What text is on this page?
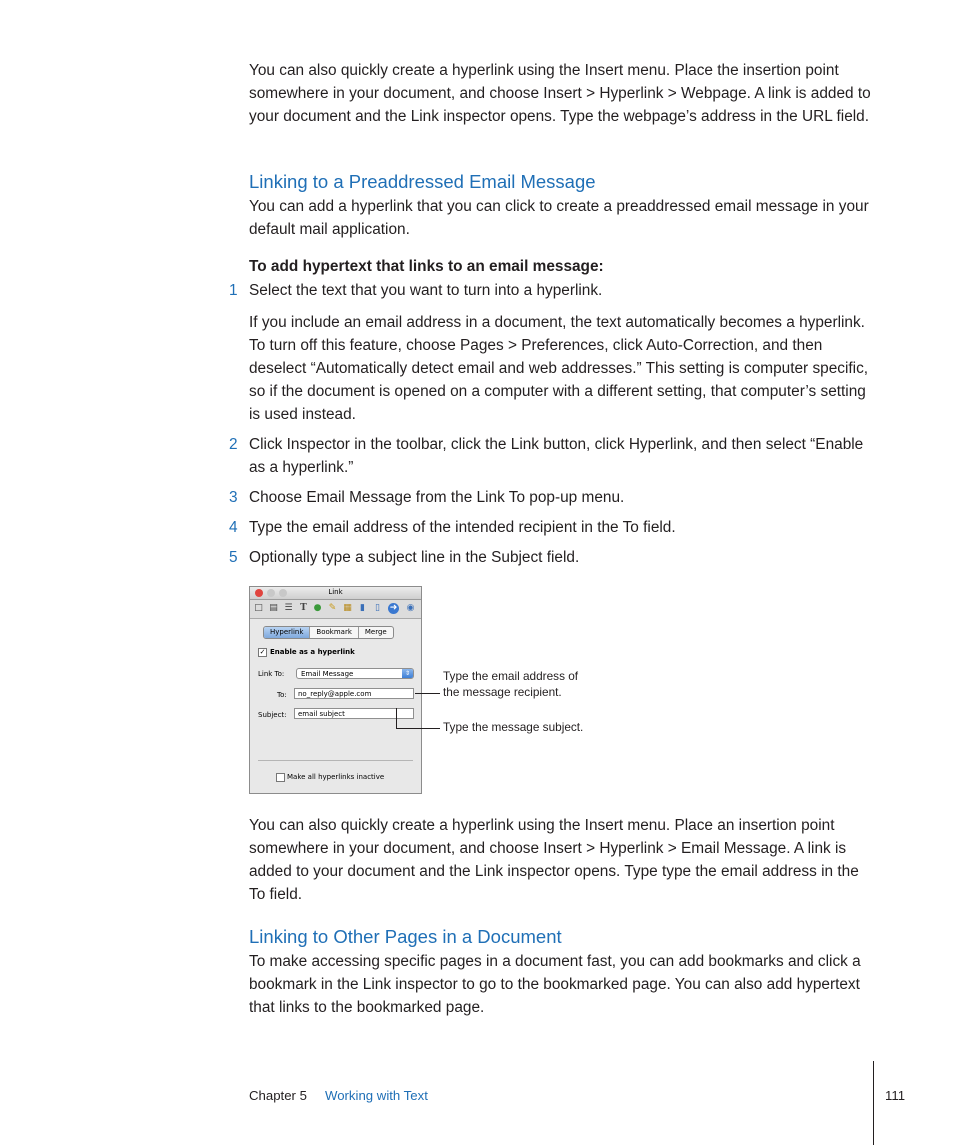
You can also quickly create a hyperlink using the Insert menu. Place the insertion point somewhere in your document, and choose Insert > Hyperlink > Webpage. A link is added to your document and the Link inspector opens. Type the webpage’s address in the URL field.

Linking to a Preaddressed Email Message

You can add a hyperlink that you can click to create a preaddressed email message in your default mail application.

To add hypertext that links to an email message:

1 Select the text that you want to turn into a hyperlink.

If you include an email address in a document, the text automatically becomes a hyperlink. To turn off this feature, choose Pages > Preferences, click Auto-Correction, and then deselect “Automatically detect email and web addresses.” This setting is computer specific, so if the document is opened on a computer with a different setting, that computer’s setting is used instead.

2 Click Inspector in the toolbar, click the Link button, click Hyperlink, and then select “Enable as a hyperlink.”

3 Choose Email Message from the Link To pop-up menu.

4 Type the email address of the intended recipient in the To field.

5 Optionally type a subject line in the Subject field.

Link
□ ▤ ☰ T ● ✎ ▦ ▮	▯	➜ ◉
Hyperlink	Bookmark	Merge
✓ Enable as a hyperlink
Link To:	Email Message	⇕
To:	no_reply@apple.com
Subject:	email subject
Make all hyperlinks inactive
Type the email address of
the message recipient.
Type the message subject.

You can also quickly create a hyperlink using the Insert menu. Place an insertion point somewhere in your document, and choose Insert > Hyperlink > Email Message. A link is added to your document and the Link inspector opens. Type type the email address in the To field.

Linking to Other Pages in a Document

To make accessing specific pages in a document fast, you can add bookmarks and click a bookmark in the Link inspector to go to the bookmarked page. You can also add hypertext that links to the bookmarked page.

Chapter 5 Working with Text	111
